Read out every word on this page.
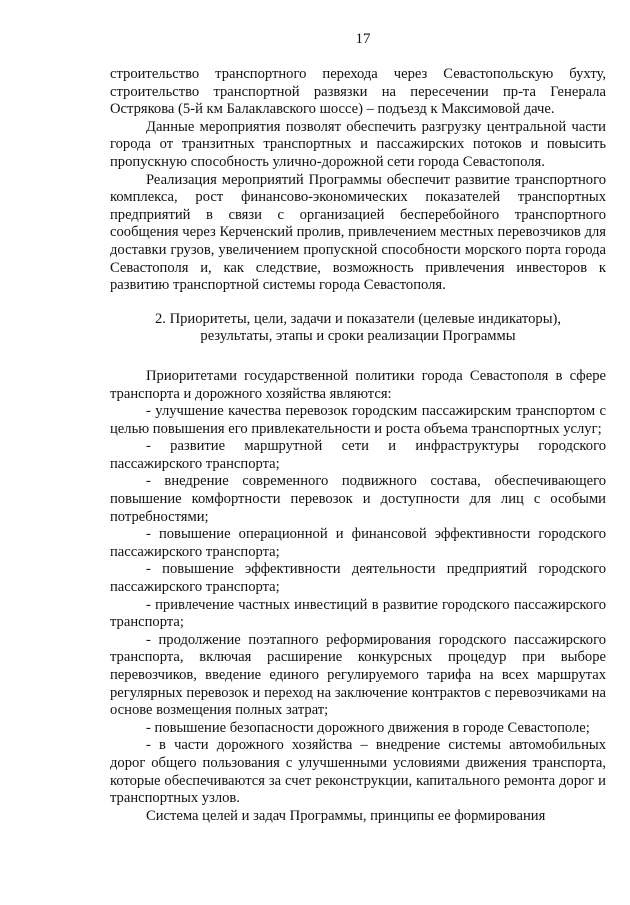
17

строительство транспортного перехода через Севастопольскую бухту, строительство транспортной развязки на пересечении пр-та Генерала Острякова (5-й км Балаклавского шоссе) – подъезд к Максимовой даче.

Данные мероприятия позволят обеспечить разгрузку центральной части города от транзитных транспортных и пассажирских потоков и повысить пропускную способность улично-дорожной сети города Севастополя.

Реализация мероприятий Программы обеспечит развитие транспортного комплекса, рост финансово-экономических показателей транспортных предприятий в связи с организацией бесперебойного транспортного сообщения через Керченский пролив, привлечением местных перевозчиков для доставки грузов, увеличением пропускной способности морского порта города Севастополя и, как следствие, возможность привлечения инвесторов к развитию транспортной системы города Севастополя.

2. Приоритеты, цели, задачи и показатели (целевые индикаторы),
результаты, этапы и сроки реализации Программы

Приоритетами государственной политики города Севастополя в сфере транспорта и дорожного хозяйства являются:

- улучшение качества перевозок городским пассажирским транспортом с целью повышения его привлекательности и роста объема транспортных услуг;

- развитие маршрутной сети и инфраструктуры городского пассажирского транспорта;

- внедрение современного подвижного состава, обеспечивающего повышение комфортности перевозок и доступности для лиц с особыми потребностями;

- повышение операционной и финансовой эффективности городского пассажирского транспорта;

- повышение эффективности деятельности предприятий городского пассажирского транспорта;

- привлечение частных инвестиций в развитие городского пассажирского транспорта;

- продолжение поэтапного реформирования городского пассажирского транспорта, включая расширение конкурсных процедур при выборе перевозчиков, введение единого регулируемого тарифа на всех маршрутах регулярных перевозок и переход на заключение контрактов с перевозчиками на основе возмещения полных затрат;

- повышение безопасности дорожного движения в городе Севастополе;

- в части дорожного хозяйства – внедрение системы автомобильных дорог общего пользования с улучшенными условиями движения транспорта, которые обеспечиваются за счет реконструкции, капитального ремонта дорог и транспортных узлов.

Система целей и задач Программы, принципы ее формирования
